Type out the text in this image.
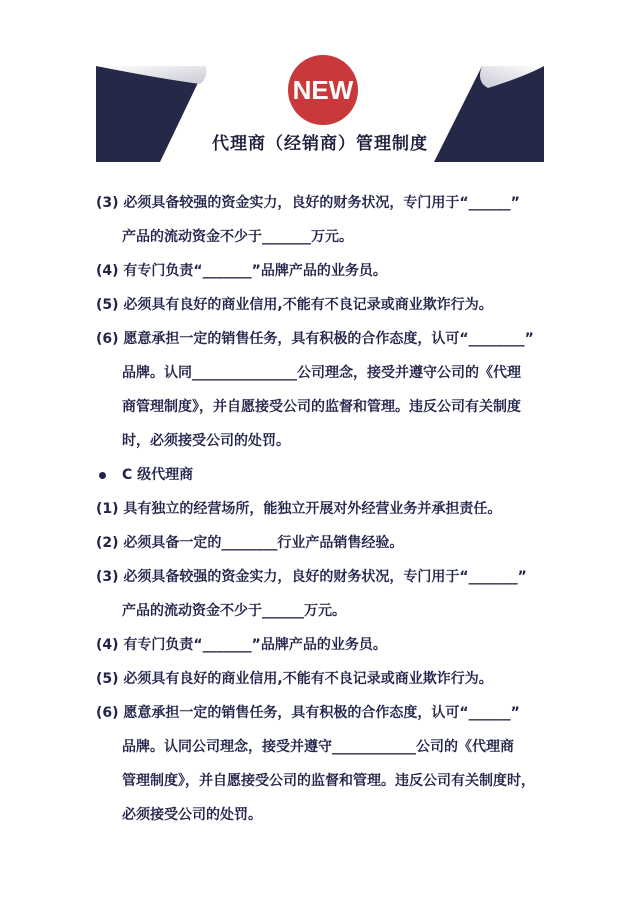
NEW
代理商（经销商）管理制度
(3) 必须具备较强的资金实力，良好的财务状况，专门用于“______”
产品的流动资金不少于_______万元。
(4) 有专门负责“_______”品牌产品的业务员。
(5) 必须具有良好的商业信用,不能有不良记录或商业欺诈行为。
(6) 愿意承担一定的销售任务，具有积极的合作态度，认可“________”
品牌。认同_______________公司理念，接受并遵守公司的《代理
商管理制度》，并自愿接受公司的监督和管理。违反公司有关制度
时，必须接受公司的处罚。
C 级代理商
(1) 具有独立的经营场所，能独立开展对外经营业务并承担责任。
(2) 必须具备一定的________行业产品销售经验。
(3) 必须具备较强的资金实力，良好的财务状况，专门用于“_______”
产品的流动资金不少于______万元。
(4) 有专门负责“_______”品牌产品的业务员。
(5) 必须具有良好的商业信用,不能有不良记录或商业欺诈行为。
(6) 愿意承担一定的销售任务，具有积极的合作态度，认可“______”
品牌。认同公司理念，接受并遵守____________公司的《代理商
管理制度》，并自愿接受公司的监督和管理。违反公司有关制度时，
必须接受公司的处罚。
